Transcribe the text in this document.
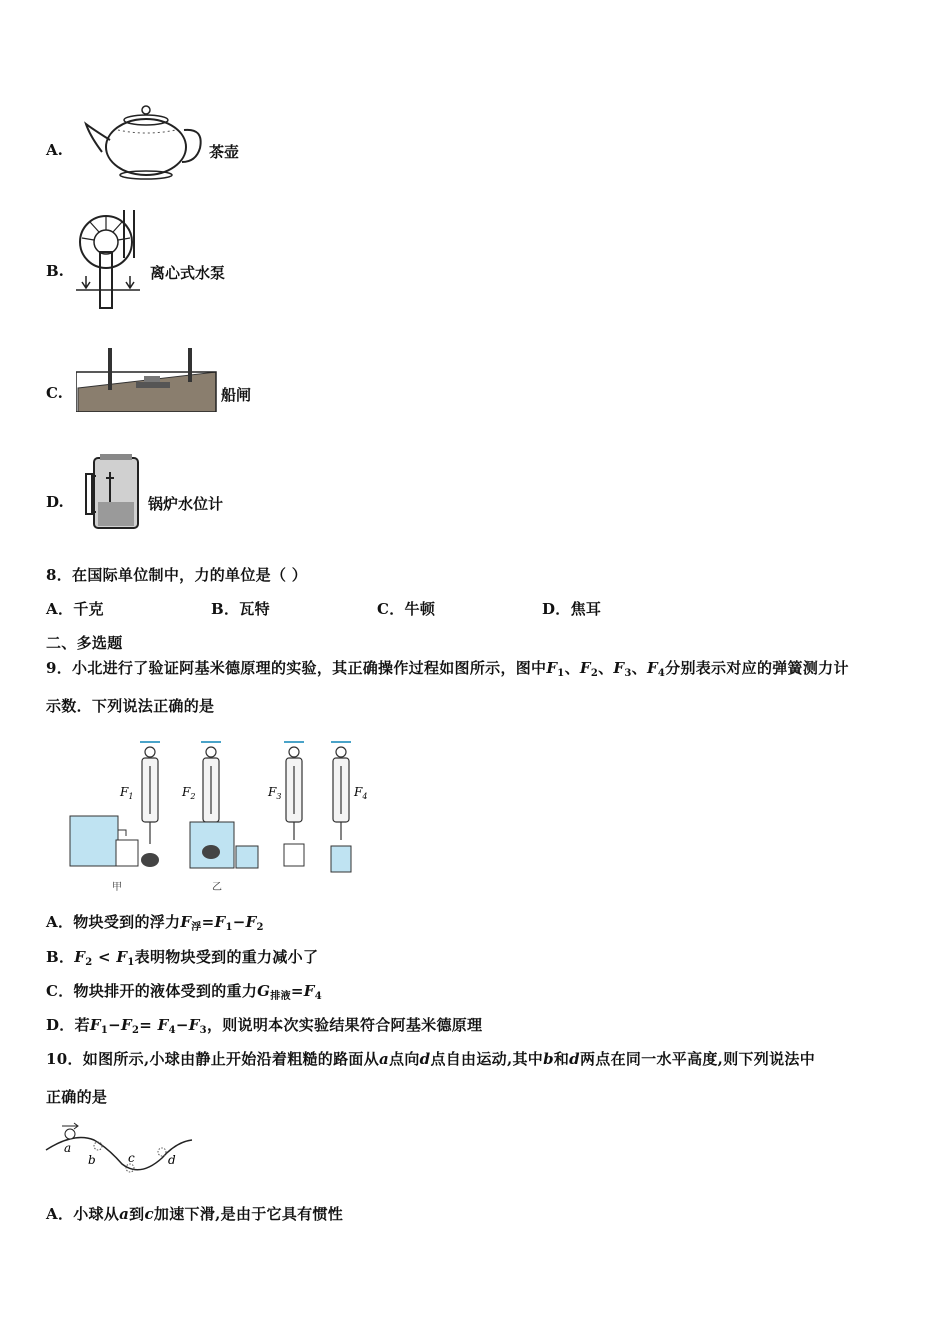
A.	茶壶
B.	离心式水泵
C.	船闸
D.	锅炉水位计
8．在国际单位制中，力的单位是（ ）
A．千克	B．瓦特	C．牛顿	D．焦耳
二、多选题
9．小北进行了验证阿基米德原理的实验，其正确操作过程如图所示，图中$F_1$、$F_2$、$F_3$、$F_4$分别表示对应的弹簧测力计
示数．下列说法正确的是
$F_1$	$F_2$	$F_3$	$F_4$
甲	乙
A．物块受到的浮力$F_浮=F_1-F_2$
B．$F_2 < F_1$表明物块受到的重力减小了
C．物块排开的液体受到的重力$G_{排液}=F_4$
D．若$F_1-F_2= F_4-F_3$，则说明本次实验结果符合阿基米德原理
10．如图所示,小球由静止开始沿着粗糙的路面从a点向d点自由运动,其中b和d两点在同一水平高度,则下列说法中
正确的是
a
b	c	d
A．小球从a到c加速下滑,是由于它具有惯性
